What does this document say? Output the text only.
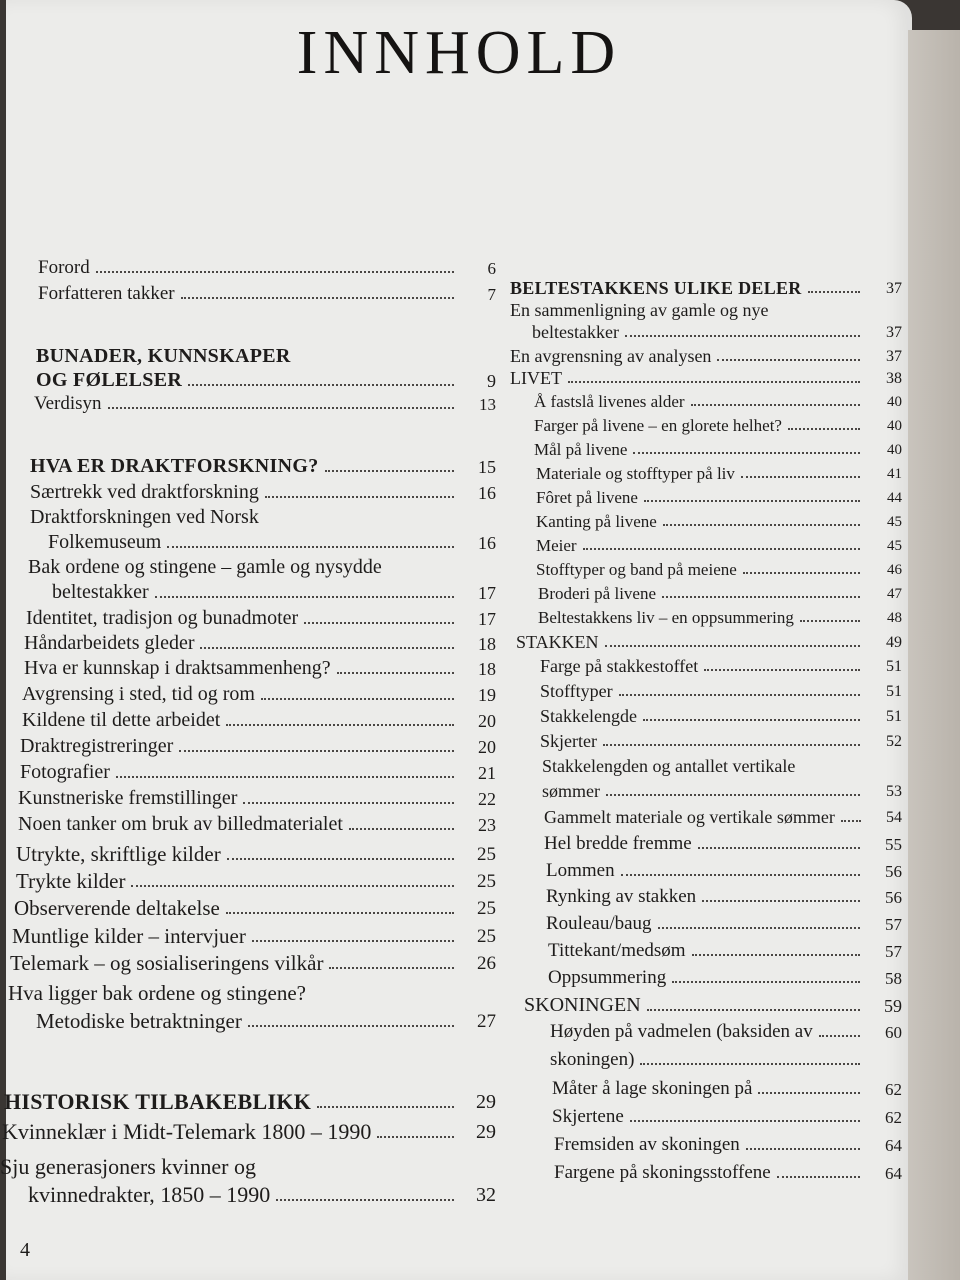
INNHOLD
Forord	6
Forfatteren takker	7
BUNADER, KUNNSKAPER
OG FØLELSER	9
Verdisyn	13
HVA ER DRAKTFORSKNING?	15
Særtrekk ved draktforskning	16
Draktforskningen ved Norsk
Folkemuseum	16
Bak ordene og stingene – gamle og nysydde
beltestakker	17
Identitet, tradisjon og bunadmoter	17
Håndarbeidets gleder	18
Hva er kunnskap i draktsammenheng?	18
Avgrensing i sted, tid og rom	19
Kildene til dette arbeidet	20
Draktregistreringer	20
Fotografier	21
Kunstneriske fremstillinger	22
Noen tanker om bruk av billedmateriale​t	23
Utrykte, skriftlige kilder	25
Trykte kilder	25
Observerende deltakelse	25
Muntlige kilder – intervjuer	25
Telemark – og sosialiseringens vilkår	26
Hva ligger bak ordene og stingene?
Metodiske betraktninger	27
HISTORISK TILBAKEBLIKK	29
Kvinneklær i Midt-Telemark 1800 – 1990	29
Sju generasjoners kvinner og
kvinnedrakter, 1850 – 1990	32
BELTESTAKKENS ULIKE DELER	37
En sammenligning av gamle og nye
beltestakker	37
En avgrensning av analysen	37
LIVET	38
Å fastslå livenes alder	40
Farger på livene – en glorete helhet?	40
Mål på livene	40
Materiale og stofftyper på liv	41
Fôret på livene	44
Kanting på livene	45
Meier	45
Stofftyper og band på meiene	46
Broderi på livene	47
Beltestakkens liv – en oppsummering	48
STAKKEN	49
Farge på stakkestoffet	51
Stofftyper	51
Stakkelengde	51
Skjerter	52
Stakkelengden og antallet vertikale
sømmer	53
Gammelt materiale og vertikale sømmer	54
Hel bredde fremme	55
Lommen	56
Rynking av stakken	56
Rouleau/baug	57
Tittekant/medsøm	57
Oppsummering	58
SKONINGEN	59
Høyden på vadmelen (baksiden av	60
skoningen)
Måter å lage skoningen på	62
Skjertene	62
Fremsiden av skoningen	64
Fargene på skoningsstoffene	64
4
